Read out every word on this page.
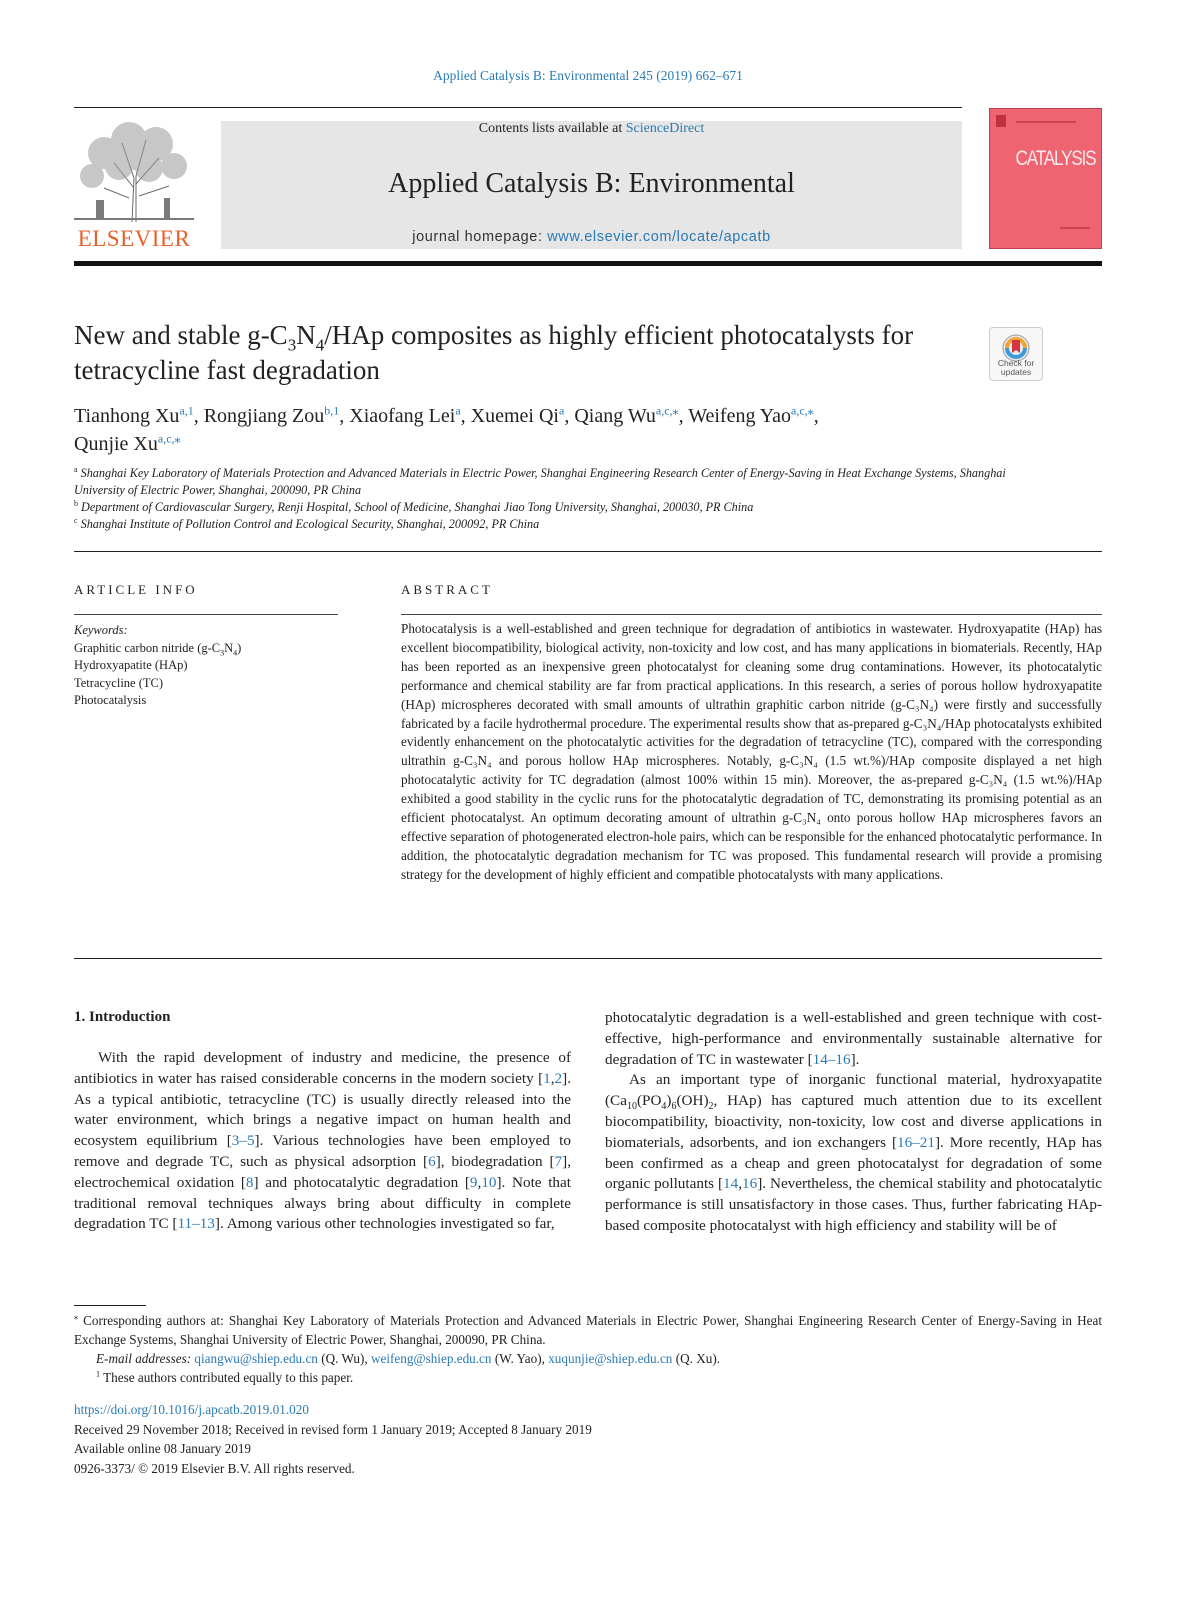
Applied Catalysis B: Environmental 245 (2019) 662–671
ELSEVIER
Contents lists available at ScienceDirect
Applied Catalysis B: Environmental
journal homepage: www.elsevier.com/locate/apcatb
CATALYSIS
New and stable $g-C_3N_4$/HAp composites as highly efficient photocatalysts for tetracycline fast degradation	Check for updates
Tianhong Xu$^{a,1}$, Rongjiang Zou$^{b,1}$, Xiaofang Lei$^a$, Xuemei Qi$^a$, Qiang $Wu^{a,c,⁎}$, Weifeng Yao$^{a,c,⁎}$,
Qunjie $Xu^{a,c,⁎}$
$^a$ Shanghai Key Laboratory of Materials Protection and Advanced Materials in Electric Power, Shanghai Engineering Research Center of Energy-Saving in Heat Exchange Systems, Shanghai University of Electric Power, Shanghai, 200090, PR China
$^b$ Department of Cardiovascular Surgery, Renji Hospital, School of Medicine, Shanghai Jiao Tong University, Shanghai, 200030, PR China
$^c$ Shanghai Institute of Pollution Control and Ecological Security, Shanghai, 200092, PR China
ARTICLE INFO	ABSTRACT
Keywords:
Graphitic carbon nitride $(g-C_3N_4)$
Hydroxyapatite (HAp)
Tetracycline (TC)
Photocatalysis
Photocatalysis is a well-established and green technique for degradation of antibiotics in wastewater. Hydroxyapatite (HAp) has excellent biocompatibility, biological activity, non-toxicity and low cost, and has many applications in biomaterials. Recently, HAp has been reported as an inexpensive green photocatalyst for cleaning some drug contaminations. However, its photocatalytic performance and chemical stability are far from practical applications. In this research, a series of porous hollow hydroxyapatite (HAp) microspheres decorated with small amounts of ultrathin graphitic carbon nitride (g-C₃N₄) were firstly and successfully fabricated by a facile hydrothermal procedure. The experimental results show that as-prepared g-C₃N₄/HAp photocatalysts exhibited evidently enhancement on the photocatalytic activities for the degradation of tetracycline (TC), compared with the corresponding ultrathin g-C₃N₄ and porous hollow HAp microspheres. Notably, g-C₃N₄ (1.5 wt.%)/HAp composite displayed a net high photocatalytic activity for TC degradation (almost 100% within 15 min). Moreover, the as-prepared g-C₃N₄ (1.5 wt.%)/HAp exhibited a good stability in the cyclic runs for the photocatalytic degradation of TC, demonstrating its promising potential as an efficient photocatalyst. An optimum decorating amount of ultrathin g-C₃N₄ onto porous hollow HAp microspheres favors an effective separation of photogenerated electron-hole pairs, which can be responsible for the enhanced photocatalytic performance. In addition, the photocatalytic degradation mechanism for TC was proposed. This fundamental research will provide a promising strategy for the development of highly efficient and compatible photocatalysts with many applications.
1. Introduction
With the rapid development of industry and medicine, the presence of antibiotics in water has raised considerable concerns in the modern society [1,2]. As a typical antibiotic, tetracycline (TC) is usually directly released into the water environment, which brings a negative impact on human health and ecosystem equilibrium [3–5]. Various technologies have been employed to remove and degrade TC, such as physical adsorption [6], biodegradation [7], electrochemical oxidation [8] and photocatalytic degradation [9,10]. Note that traditional removal techniques always bring about difficulty in complete degradation TC [11–13]. Among various other technologies investigated so far,
photocatalytic degradation is a well-established and green technique with cost-effective, high-performance and environmentally sustainable alternative for degradation of TC in wastewater [14–16].
As an important type of inorganic functional material, hydroxyapatite ($Ca_{10}(PO_4)_6(OH)_2$, HAp) has captured much attention due to its excellent biocompatibility, bioactivity, non-toxicity, low cost and diverse applications in biomaterials, adsorbents, and ion exchangers [16–21]. More recently, HAp has been confirmed as a cheap and green photocatalyst for degradation of some organic pollutants [14,16]. Nevertheless, the chemical stability and photocatalytic performance is still unsatisfactory in those cases. Thus, further fabricating HAp-based composite photocatalyst with high efficiency and stability will be of
⁎ Corresponding authors at: Shanghai Key Laboratory of Materials Protection and Advanced Materials in Electric Power, Shanghai Engineering Research Center of Energy-Saving in Heat Exchange Systems, Shanghai University of Electric Power, Shanghai, 200090, PR China.
E-mail addresses: qiangwu@shiep.edu.cn (Q. Wu), weifeng@shiep.edu.cn (W. Yao), xuqunjie@shiep.edu.cn (Q. Xu).
$^1$ These authors contributed equally to this paper.
https://doi.org/10.1016/j.apcatb.2019.01.020
Received 29 November 2018; Received in revised form 1 January 2019; Accepted 8 January 2019
Available online 08 January 2019
0926-3373/ © 2019 Elsevier B.V. All rights reserved.
